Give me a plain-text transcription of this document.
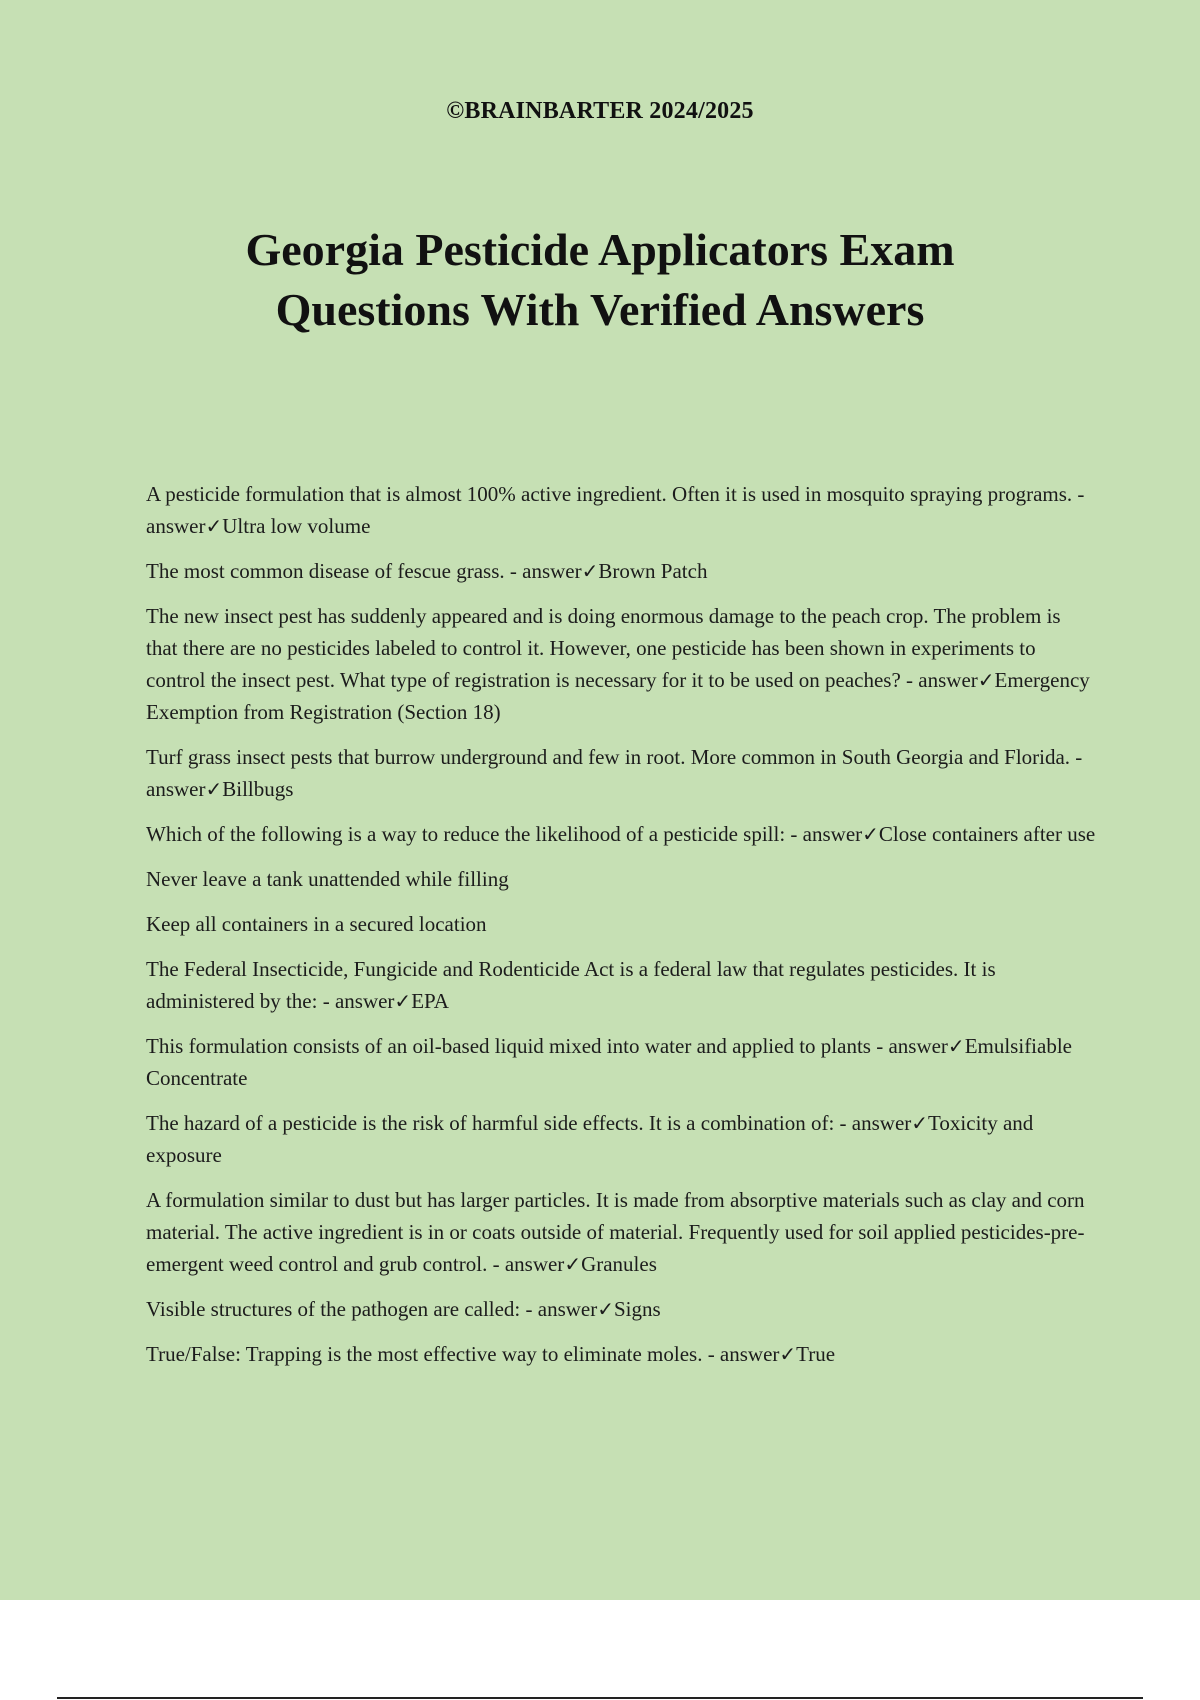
©BRAINBARTER 2024/2025
Georgia Pesticide Applicators Exam
Questions With Verified Answers

A pesticide formulation that is almost 100% active ingredient. Often it is used in mosquito spraying programs. - answer✓Ultra low volume

The most common disease of fescue grass. - answer✓Brown Patch

The new insect pest has suddenly appeared and is doing enormous damage to the peach crop. The problem is that there are no pesticides labeled to control it. However, one pesticide has been shown in experiments to control the insect pest. What type of registration is necessary for it to be used on peaches? - answer✓Emergency Exemption from Registration (Section 18)

Turf grass insect pests that burrow underground and few in root. More common in South Georgia and Florida. - answer✓Billbugs

Which of the following is a way to reduce the likelihood of a pesticide spill: - answer✓Close containers after use

Never leave a tank unattended while filling

Keep all containers in a secured location

The Federal Insecticide, Fungicide and Rodenticide Act is a federal law that regulates pesticides. It is administered by the: - answer✓EPA

This formulation consists of an oil-based liquid mixed into water and applied to plants - answer✓Emulsifiable Concentrate

The hazard of a pesticide is the risk of harmful side effects. It is a combination of: - answer✓Toxicity and exposure

A formulation similar to dust but has larger particles. It is made from absorptive materials such as clay and corn material. The active ingredient is in or coats outside of material. Frequently used for soil applied pesticides-pre-emergent weed control and grub control. - answer✓Granules

Visible structures of the pathogen are called: - answer✓Signs

True/False: Trapping is the most effective way to eliminate moles. - answer✓True
